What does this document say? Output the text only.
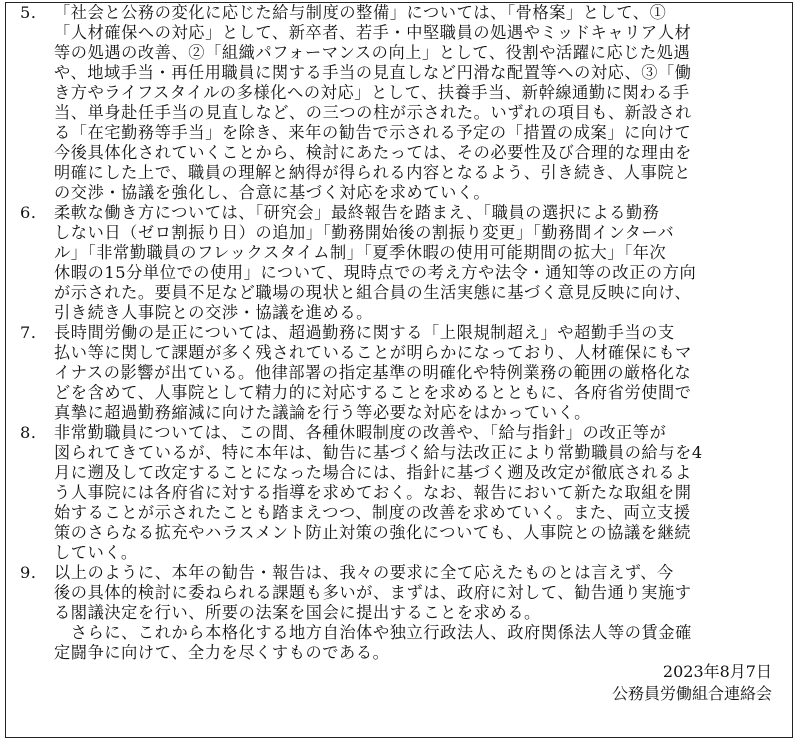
5． 「社会と公務の変化に応じた給与制度の整備」については、「骨格案」として、①
「人材確保への対応」として、新卒者、若手・中堅職員の処遇やミッドキャリア人材
等の処遇の改善、②「組織パフォーマンスの向上」として、役割や活躍に応じた処遇
や、地域手当・再任用職員に関する手当の見直しなど円滑な配置等への対応、③「働
き方やライフスタイルの多様化への対応」として、扶養手当、新幹線通勤に関わる手
当、単身赴任手当の見直しなど、の三つの柱が示された。いずれの項目も、新設され
る「在宅勤務等手当」を除き、来年の勧告で示される予定の「措置の成案」に向けて
今後具体化されていくことから、検討にあたっては、その必要性及び合理的な理由を
明確にした上で、職員の理解と納得が得られる内容となるよう、引き続き、人事院と
の交渉・協議を強化し、合意に基づく対応を求めていく。
6． 柔軟な働き方については、「研究会」最終報告を踏まえ、「職員の選択による勤務
しない日（ゼロ割振り日）の追加」「勤務開始後の割振り変更」「勤務間インターバ
ル」「非常勤職員のフレックスタイム制」「夏季休暇の使用可能期間の拡大」「年次
休暇の15分単位での使用」について、現時点での考え方や法令・通知等の改正の方向
が示された。要員不足など職場の現状と組合員の生活実態に基づく意見反映に向け、
引き続き人事院との交渉・協議を進める。
7． 長時間労働の是正については、超過勤務に関する「上限規制超え」や超勤手当の支
払い等に関して課題が多く残されていることが明らかになっており、人材確保にもマ
イナスの影響が出ている。他律部署の指定基準の明確化や特例業務の範囲の厳格化な
どを含めて、人事院として精力的に対応することを求めるとともに、各府省労使間で
真摯に超過勤務縮減に向けた議論を行う等必要な対応をはかっていく。
8． 非常勤職員については、この間、各種休暇制度の改善や、「給与指針」の改正等が
図られてきているが、特に本年は、勧告に基づく給与法改正により常勤職員の給与を4
月に遡及して改定することになった場合には、指針に基づく遡及改定が徹底されるよ
う人事院には各府省に対する指導を求めておく。なお、報告において新たな取組を開
始することが示されたことも踏まえつつ、制度の改善を求めていく。また、両立支援
策のさらなる拡充やハラスメント防止対策の強化についても、人事院との協議を継続
していく。
9． 以上のように、本年の勧告・報告は、我々の要求に全て応えたものとは言えず、今
後の具体的検討に委ねられる課題も多いが、まずは、政府に対して、勧告通り実施す
る閣議決定を行い、所要の法案を国会に提出することを求める。
　さらに、これから本格化する地方自治体や独立行政法人、政府関係法人等の賃金確
定闘争に向けて、全力を尽くすものである。
2023年8月7日
公務員労働組合連絡会
